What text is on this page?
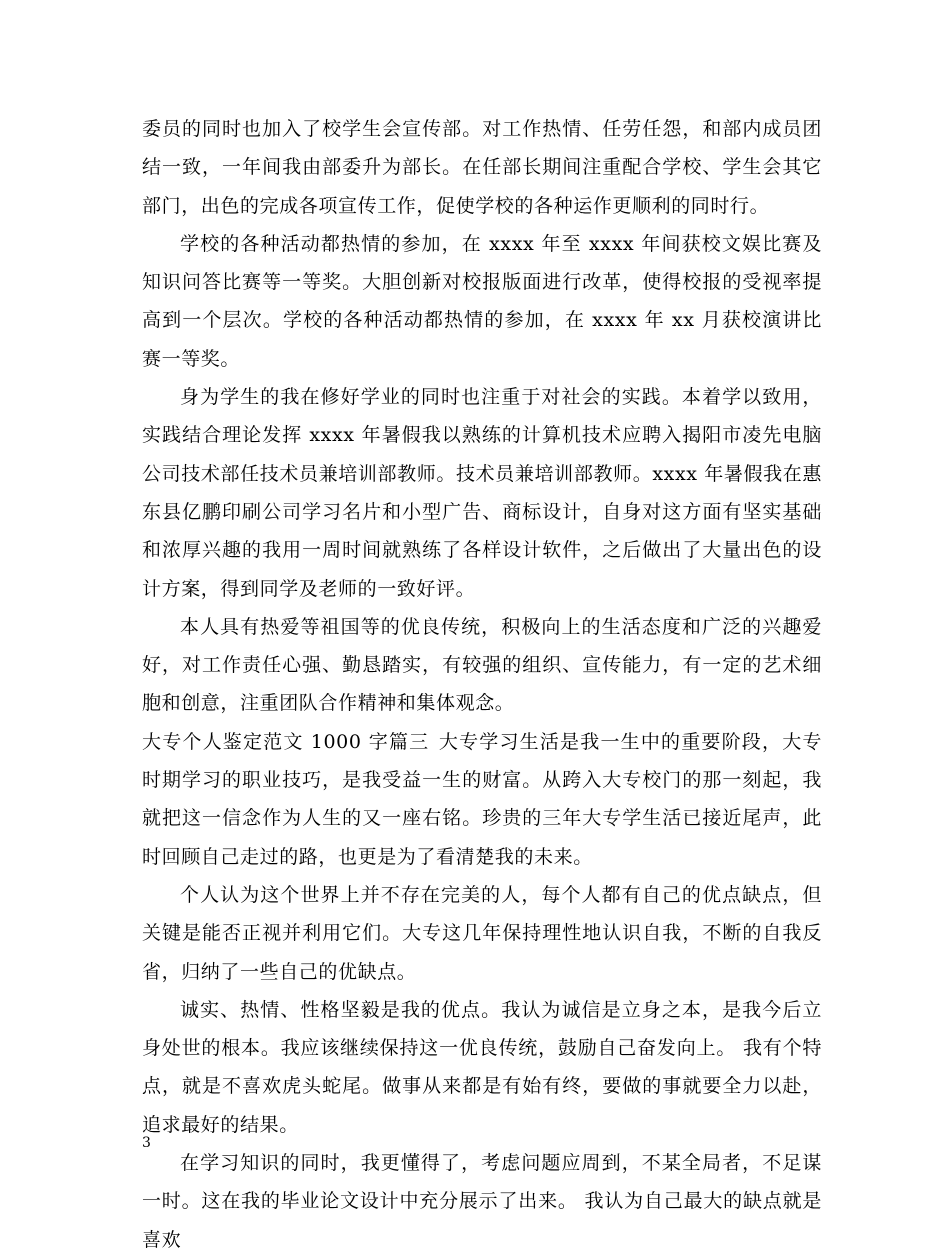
委员的同时也加入了校学生会宣传部。对工作热情、任劳任怨，和部内成员团结一致，一年间我由部委升为部长。在任部长期间注重配合学校、学生会其它部门，出色的完成各项宣传工作，促使学校的各种运作更顺利的同时行。

学校的各种活动都热情的参加，在 xxxx 年至 xxxx 年间获校文娱比赛及知识问答比赛等一等奖。大胆创新对校报版面进行改革，使得校报的受视率提高到一个层次。学校的各种活动都热情的参加，在 xxxx 年 xx 月获校演讲比赛一等奖。

身为学生的我在修好学业的同时也注重于对社会的实践。本着学以致用，实践结合理论发挥 xxxx 年暑假我以熟练的计算机技术应聘入揭阳市凌先电脑公司技术部任技术员兼培训部教师。技术员兼培训部教师。xxxx 年暑假我在惠东县亿鹏印刷公司学习名片和小型广告、商标设计，自身对这方面有坚实基础和浓厚兴趣的我用一周时间就熟练了各样设计软件，之后做出了大量出色的设计方案，得到同学及老师的一致好评。

本人具有热爱等祖国等的优良传统，积极向上的生活态度和广泛的兴趣爱好，对工作责任心强、勤恳踏实，有较强的组织、宣传能力，有一定的艺术细胞和创意，注重团队合作精神和集体观念。

大专个人鉴定范文 1000 字篇三 大专学习生活是我一生中的重要阶段，大专时期学习的职业技巧，是我受益一生的财富。从跨入大专校门的那一刻起，我就把这一信念作为人生的又一座右铭。珍贵的三年大专学生活已接近尾声，此时回顾自己走过的路，也更是为了看清楚我的未来。

个人认为这个世界上并不存在完美的人，每个人都有自己的优点缺点，但关键是能否正视并利用它们。大专这几年保持理性地认识自我，不断的自我反省，归纳了一些自己的优缺点。

诚实、热情、性格坚毅是我的优点。我认为诚信是立身之本，是我今后立身处世的根本。我应该继续保持这一优良传统，鼓励自己奋发向上。 我有个特点，就是不喜欢虎头蛇尾。做事从来都是有始有终，要做的事就要全力以赴，追求最好的结果。

在学习知识的同时，我更懂得了，考虑问题应周到，不某全局者，不足谋一时。这在我的毕业论文设计中充分展示了出来。 我认为自己最大的缺点就是喜欢

3
